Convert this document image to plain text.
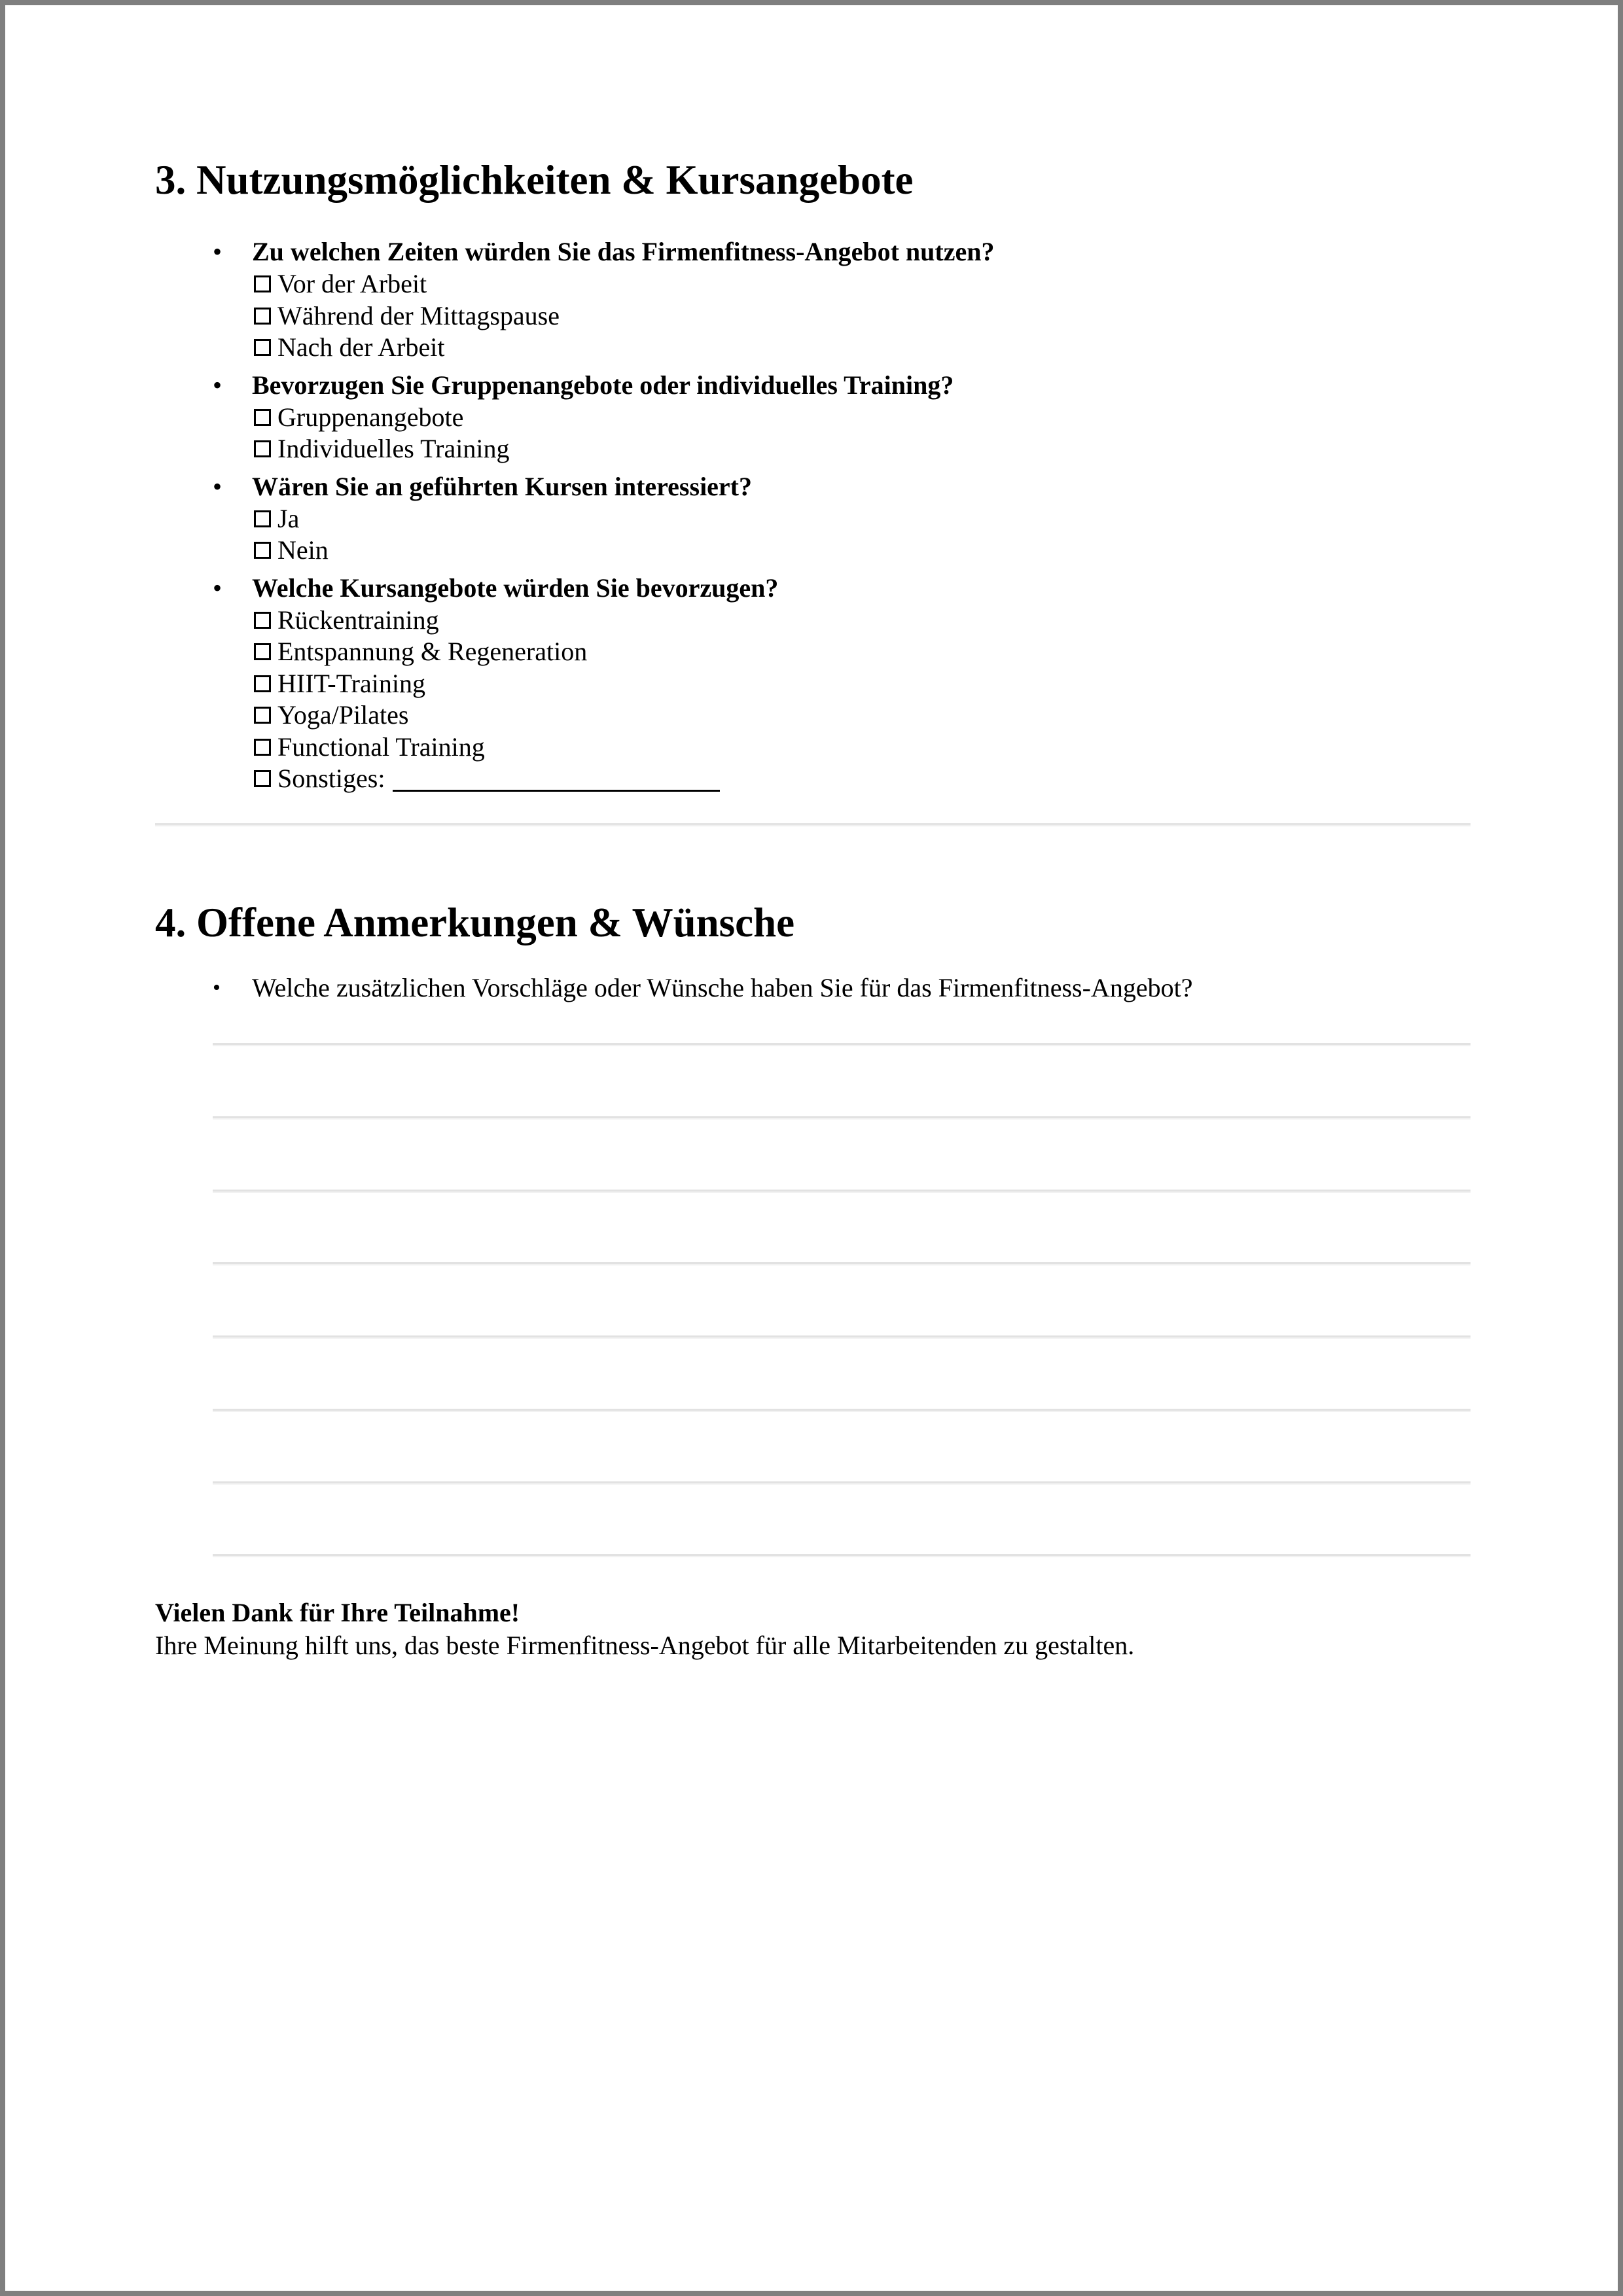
3. Nutzungsmöglichkeiten & Kursangebote
• Zu welchen Zeiten würden Sie das Firmenfitness-Angebot nutzen?
Vor der Arbeit
Während der Mittagspause
Nach der Arbeit
• Bevorzugen Sie Gruppenangebote oder individuelles Training?
Gruppenangebote
Individuelles Training
• Wären Sie an geführten Kursen interessiert?
Ja
Nein
• Welche Kursangebote würden Sie bevorzugen?
Rückentraining
Entspannung & Regeneration
HIIT-Training
Yoga/Pilates
Functional Training
Sonstiges:
4. Offene Anmerkungen & Wünsche
• Welche zusätzlichen Vorschläge oder Wünsche haben Sie für das Firmenfitness-Angebot?
Vielen Dank für Ihre Teilnahme!
Ihre Meinung hilft uns, das beste Firmenfitness-Angebot für alle Mitarbeitenden zu gestalten.
